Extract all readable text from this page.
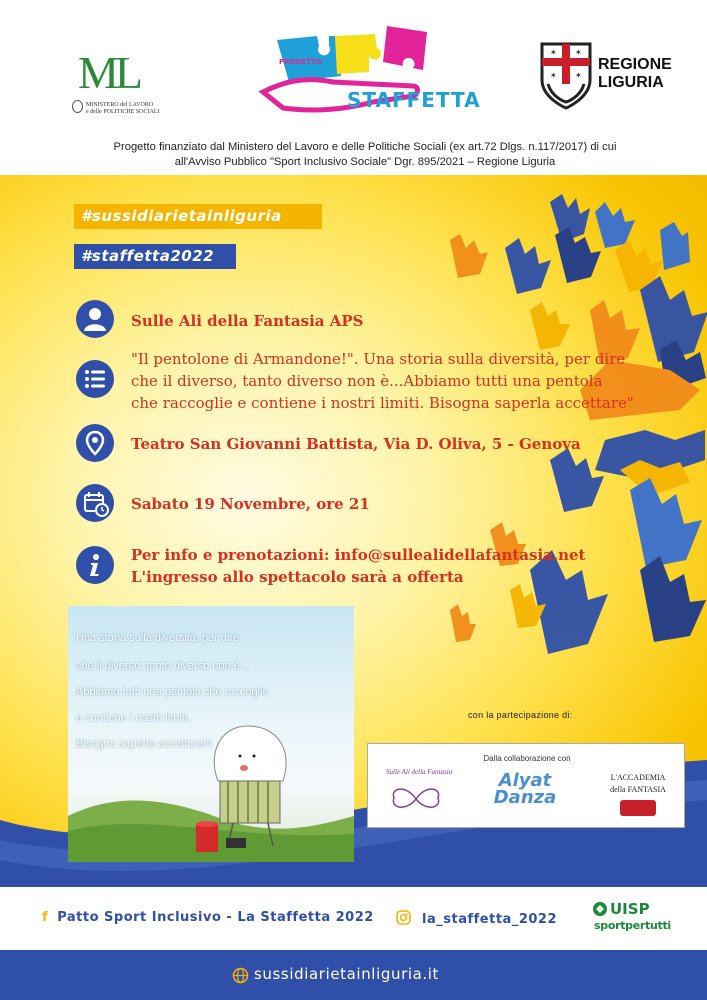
ML
MINISTERO del LAVORO
e delle POLITICHE SOCIALI
PROGETTO
STAFFETTA
✶ ✶
✶ ✶
REGIONE
LIGURIA
Progetto finanziato dal Ministero del Lavoro e delle Politiche Sociali (ex art.72 Dlgs. n.117/2017) di cui
all'Avviso Pubblico "Sport Inclusivo Sociale" Dgr. 895/2021 – Regione Liguria
#sussidiarietainliguria
#staffetta2022
Sulle Ali della Fantasia APS
"Il pentolone di Armandone!". Una storia sulla diversità, per dire
che il diverso, tanto diverso non è...Abbiamo tutti una pentola
che raccoglie e contiene i nostri limiti. Bisogna saperla accettare"
Teatro San Giovanni Battista, Via D. Oliva, 5 - Genova
Sabato 19 Novembre, ore 21
Per info e prenotazioni: info@sullealidellafantasia.net
L'ingresso allo spettacolo sarà a offerta
Una storia sulla diversità, per dire
che il diverso, tanto diverso non è ..
Abbiamo tutti una pentola che raccoglie
e contiene i nostri limiti..
Bisogna saperla accettare!!!
con la partecipazione di:
Dalla collaborazione con
Sulle Ali della Fantasia	Alyat
Danza
L'ACCADEMIA
della FANTASIA
f Patto Sport Inclusivo - La Staffetta 2022	la_staffetta_2022
UISP
sportpertutti
sussidiarietainliguria.it
